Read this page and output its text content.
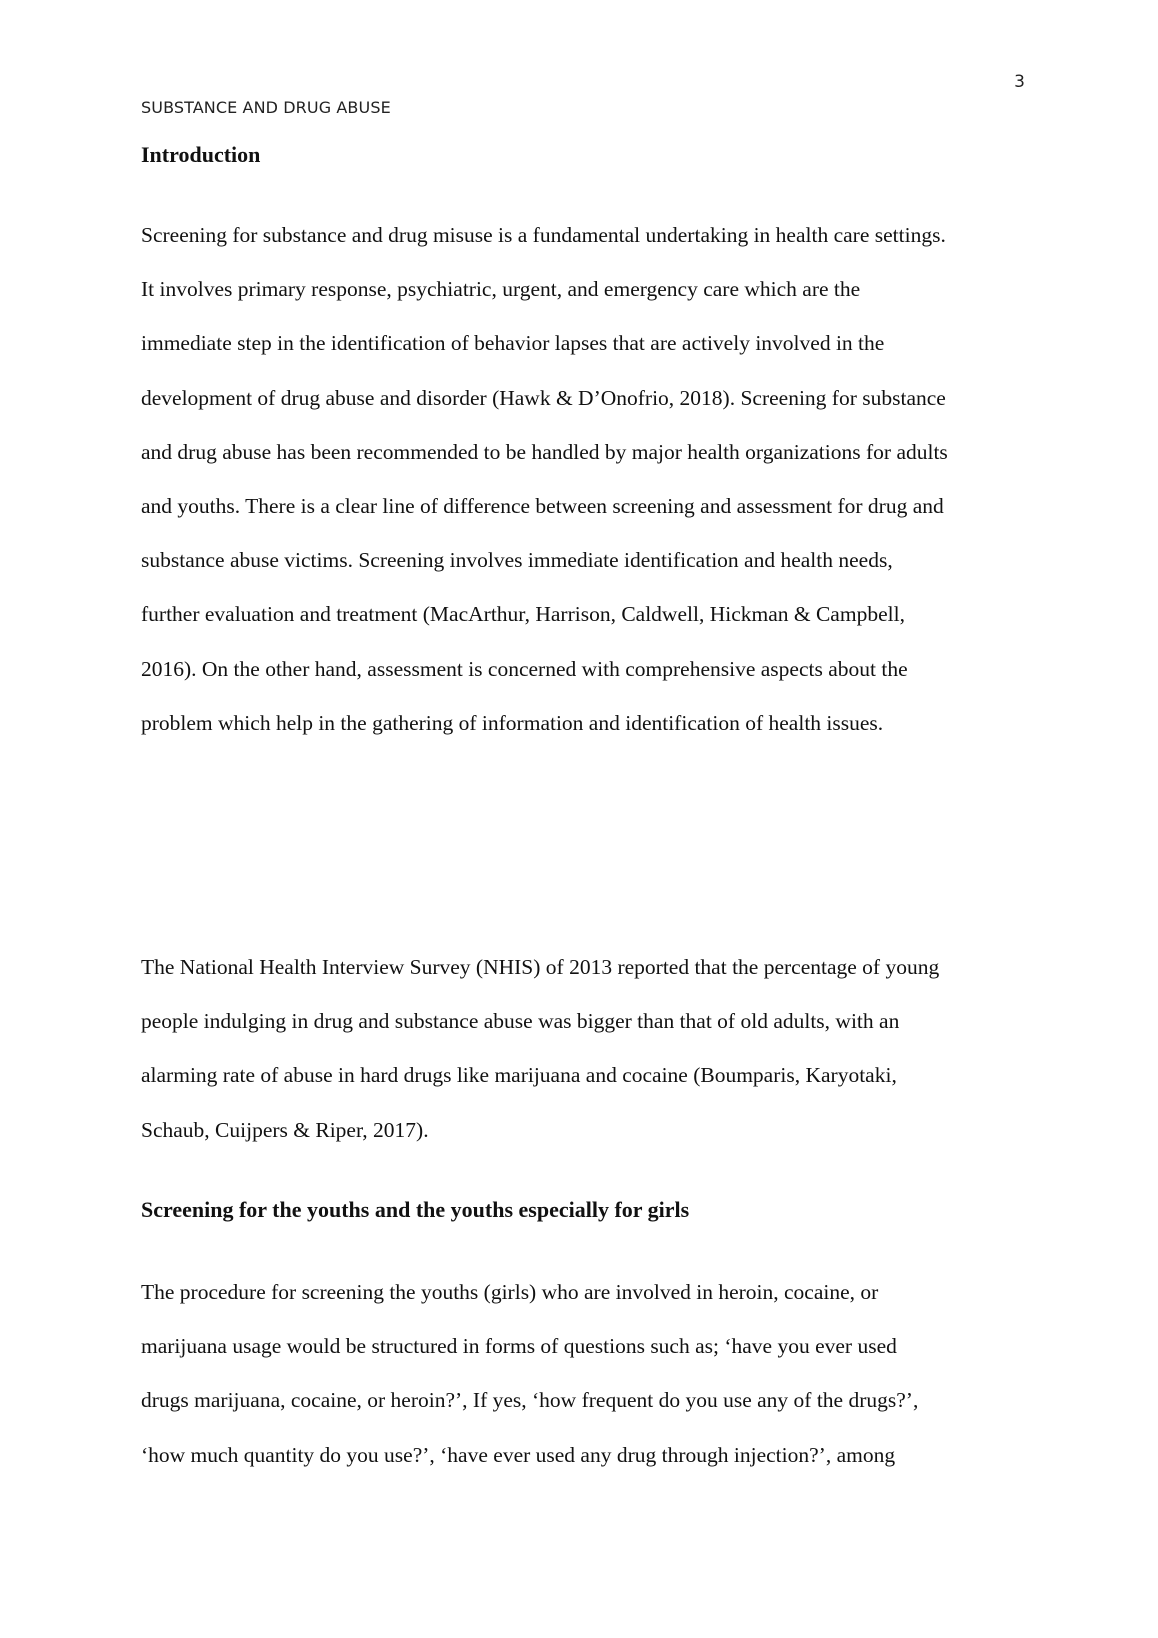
3

SUBSTANCE AND DRUG ABUSE

Introduction

Screening for substance and drug misuse is a fundamental undertaking in health care settings.
It involves primary response, psychiatric, urgent, and emergency care which are the
immediate step in the identification of behavior lapses that are actively involved in the
development of drug abuse and disorder (Hawk & D’Onofrio, 2018). Screening for substance
and drug abuse has been recommended to be handled by major health organizations for adults
and youths. There is a clear line of difference between screening and assessment for drug and
substance abuse victims. Screening involves immediate identification and health needs,
further evaluation and treatment (MacArthur, Harrison, Caldwell, Hickman & Campbell,
2016). On the other hand, assessment is concerned with comprehensive aspects about the
problem which help in the gathering of information and identification of health issues.

The National Health Interview Survey (NHIS) of 2013 reported that the percentage of young
people indulging in drug and substance abuse was bigger than that of old adults, with an
alarming rate of abuse in hard drugs like marijuana and cocaine (Boumparis, Karyotaki,
Schaub, Cuijpers & Riper, 2017).

Screening for the youths and the youths especially for girls

The procedure for screening the youths (girls) who are involved in heroin, cocaine, or
marijuana usage would be structured in forms of questions such as; ‘have you ever used
drugs marijuana, cocaine, or heroin?’, If yes, ‘how frequent do you use any of the drugs?’,
‘how much quantity do you use?’, ‘have ever used any drug through injection?’, among
